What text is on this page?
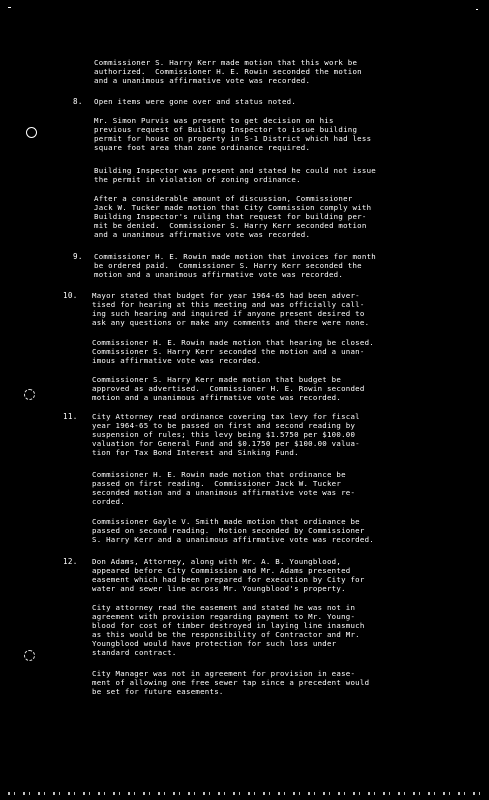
Commissioner S. Harry Kerr made motion that this work be
authorized.  Commissioner H. E. Rowin seconded the motion
and a unanimous affirmative vote was recorded.
8. Open items were gone over and status noted.
Mr. Simon Purvis was present to get decision on his
previous request of Building Inspector to issue building
permit for house on property in S-1 District which had less
square foot area than zone ordinance required.
Building Inspector was present and stated he could not issue
the permit in violation of zoning ordinance.
After a considerable amount of discussion, Commissioner
Jack W. Tucker made motion that City Commission comply with
Building Inspector's ruling that request for building per-
mit be denied.  Commissioner S. Harry Kerr seconded motion
and a unanimous affirmative vote was recorded.
9. Commissioner H. E. Rowin made motion that invoices for month
be ordered paid.  Commissioner S. Harry Kerr seconded the
motion and a unanimous affirmative vote was recorded.
10. Mayor stated that budget for year 1964-65 had been adver-
tised for hearing at this meeting and was officially call-
ing such hearing and inquired if anyone present desired to
ask any questions or make any comments and there were none.
Commissioner H. E. Rowin made motion that hearing be closed.
Commissioner S. Harry Kerr seconded the motion and a unan-
imous affirmative vote was recorded.
Commissioner S. Harry Kerr made motion that budget be
approved as advertised.  Commissioner H. E. Rowin seconded
motion and a unanimous affirmative vote was recorded.
11. City Attorney read ordinance covering tax levy for fiscal
year 1964-65 to be passed on first and second reading by
suspension of rules; this levy being $1.5750 per $100.00
valuation for General Fund and $0.1750 per $100.00 valua-
tion for Tax Bond Interest and Sinking Fund.
Commissioner H. E. Rowin made motion that ordinance be
passed on first reading.  Commissioner Jack W. Tucker
seconded motion and a unanimous affirmative vote was re-
corded.
Commissioner Gayle V. Smith made motion that ordinance be
passed on second reading.  Motion seconded by Commissioner
S. Harry Kerr and a unanimous affirmative vote was recorded.
12. Don Adams, Attorney, along with Mr. A. B. Youngblood,
appeared before City Commission and Mr. Adams presented
easement which had been prepared for execution by City for
water and sewer line across Mr. Youngblood's property.
City attorney read the easement and stated he was not in
agreement with provision regarding payment to Mr. Young-
blood for cost of timber destroyed in laying line inasmuch
as this would be the responsibility of Contractor and Mr.
Youngblood would have protection for such loss under
standard contract.
City Manager was not in agreement for provision in ease-
ment of allowing one free sewer tap since a precedent would
be set for future easements.
